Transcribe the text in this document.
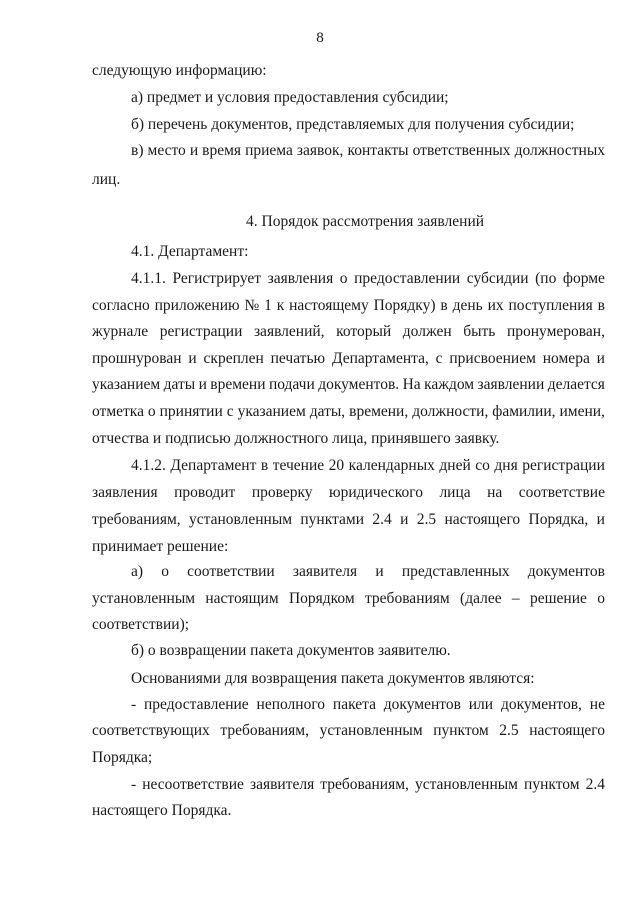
8
следующую информацию:
а) предмет и условия предоставления субсидии;
б) перечень документов, представляемых для получения субсидии;
в) место и время приема заявок, контакты ответственных должностных
лиц.
4. Порядок рассмотрения заявлений
4.1. Департамент:
4.1.1. Регистрирует заявления о предоставлении субсидии (по форме
согласно приложению № 1 к настоящему Порядку) в день их поступления в
журнале регистрации заявлений, который должен быть пронумерован,
прошнурован и скреплен печатью Департамента, с присвоением номера и
указанием даты и времени подачи документов. На каждом заявлении делается
отметка о принятии с указанием даты, времени, должности, фамилии, имени,
отчества и подписью должностного лица, принявшего заявку.
4.1.2. Департамент в течение 20 календарных дней со дня регистрации
заявления проводит проверку юридического лица на соответствие
требованиям, установленным пунктами 2.4 и 2.5 настоящего Порядка, и
принимает решение:
а) о соответствии заявителя и представленных документов
установленным настоящим Порядком требованиям (далее – решение о
соответствии);
б) о возвращении пакета документов заявителю.
Основаниями для возвращения пакета документов являются:
- предоставление неполного пакета документов или документов, не
соответствующих требованиям, установленным пунктом 2.5 настоящего
Порядка;
- несоответствие заявителя требованиям, установленным пунктом 2.4
настоящего Порядка.
